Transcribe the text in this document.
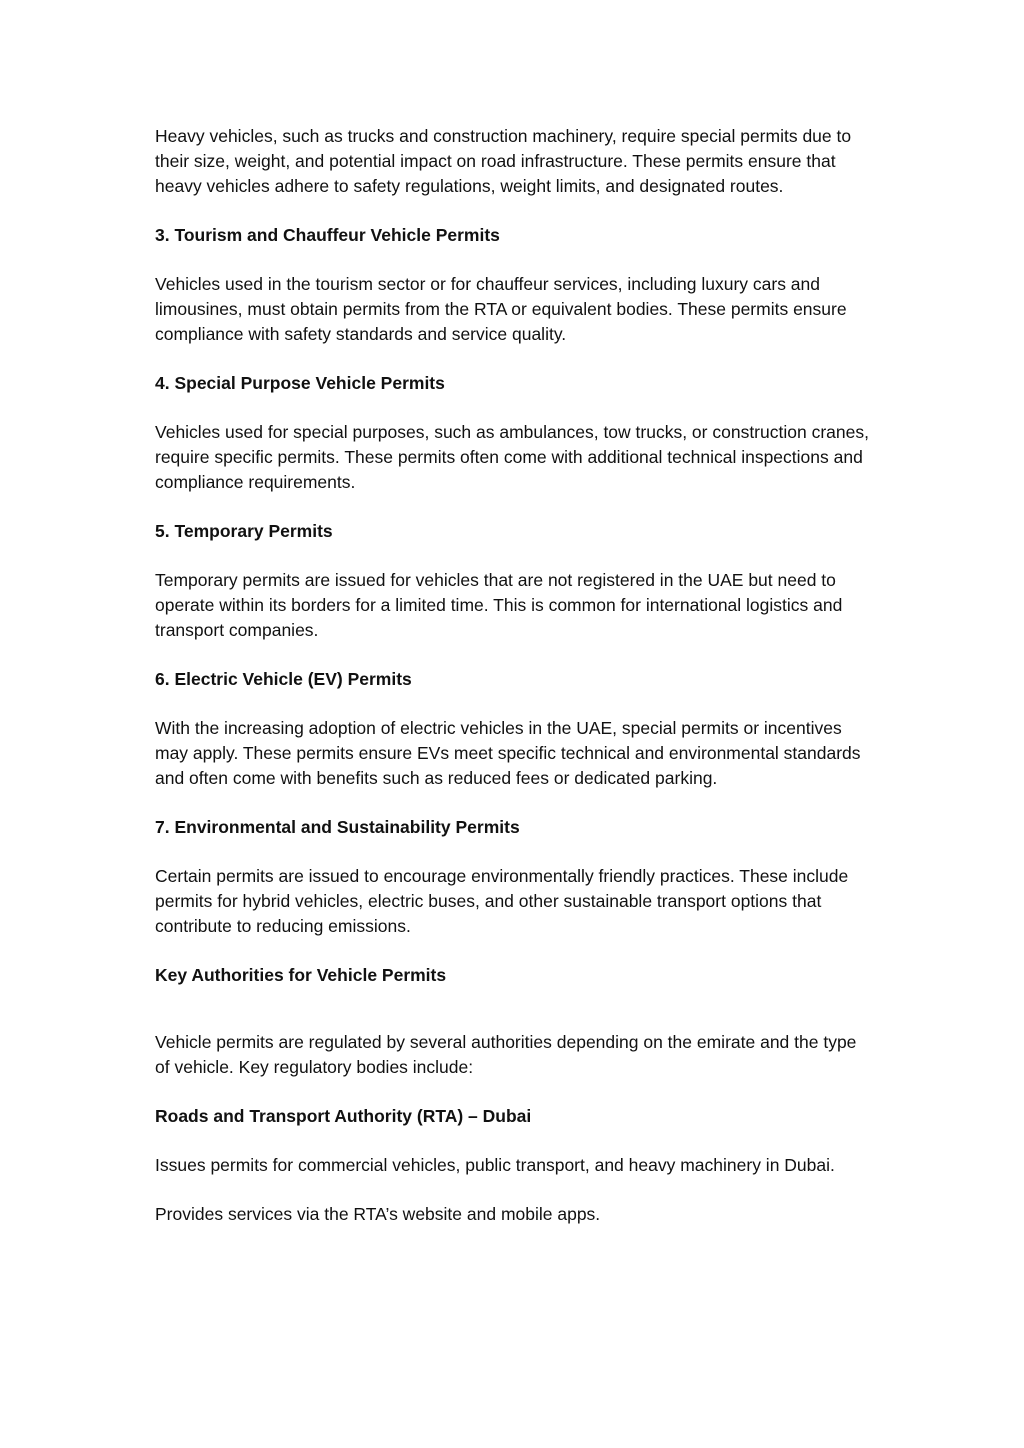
Heavy vehicles, such as trucks and construction machinery, require special permits due to their size, weight, and potential impact on road infrastructure. These permits ensure that heavy vehicles adhere to safety regulations, weight limits, and designated routes.

3. Tourism and Chauffeur Vehicle Permits

Vehicles used in the tourism sector or for chauffeur services, including luxury cars and limousines, must obtain permits from the RTA or equivalent bodies. These permits ensure compliance with safety standards and service quality.

4. Special Purpose Vehicle Permits

Vehicles used for special purposes, such as ambulances, tow trucks, or construction cranes, require specific permits. These permits often come with additional technical inspections and compliance requirements.

5. Temporary Permits

Temporary permits are issued for vehicles that are not registered in the UAE but need to operate within its borders for a limited time. This is common for international logistics and transport companies.

6. Electric Vehicle (EV) Permits

With the increasing adoption of electric vehicles in the UAE, special permits or incentives may apply. These permits ensure EVs meet specific technical and environmental standards and often come with benefits such as reduced fees or dedicated parking.

7. Environmental and Sustainability Permits

Certain permits are issued to encourage environmentally friendly practices. These include permits for hybrid vehicles, electric buses, and other sustainable transport options that contribute to reducing emissions.

Key Authorities for Vehicle Permits

Vehicle permits are regulated by several authorities depending on the emirate and the type of vehicle. Key regulatory bodies include:

Roads and Transport Authority (RTA) – Dubai

Issues permits for commercial vehicles, public transport, and heavy machinery in Dubai.

Provides services via the RTA’s website and mobile apps.
